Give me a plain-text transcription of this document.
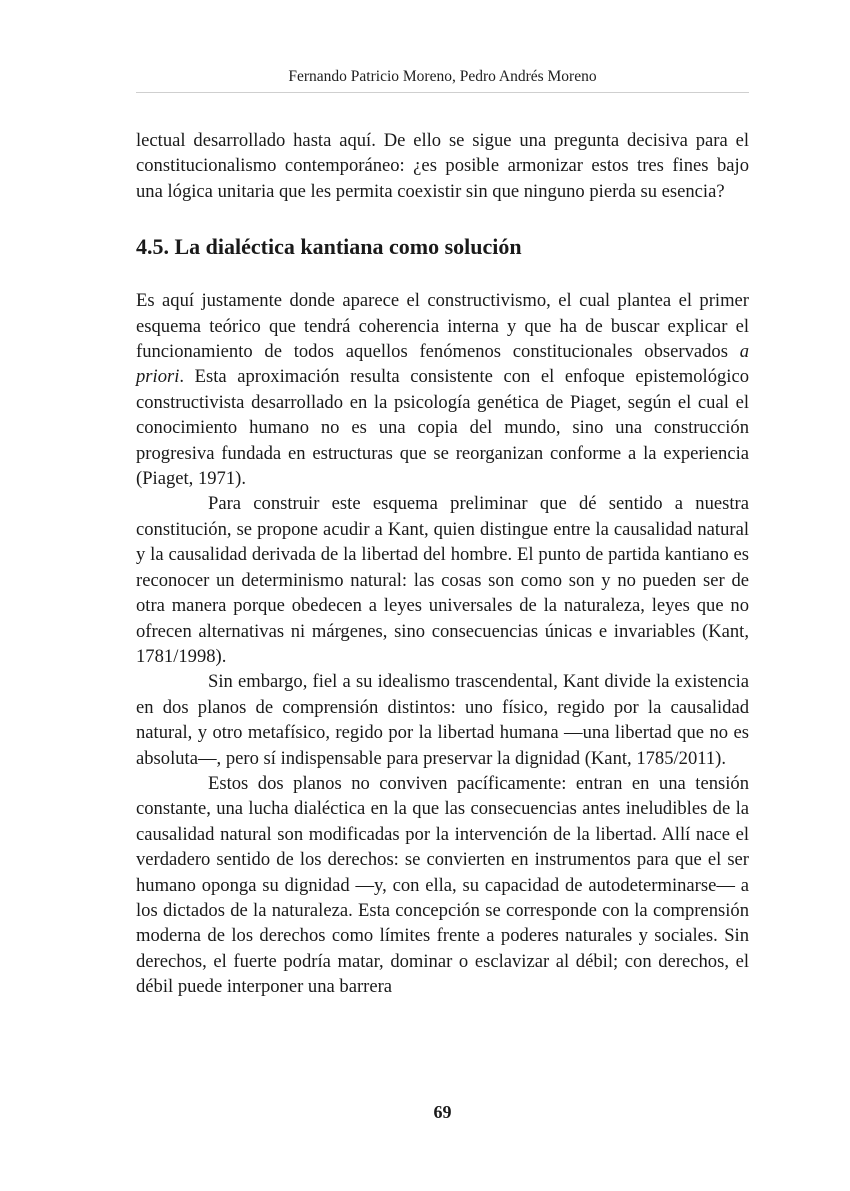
Fernando Patricio Moreno, Pedro Andrés Moreno

lectual desarrollado hasta aquí. De ello se sigue una pregunta decisiva para el constitucionalismo contemporáneo: ¿es posible armonizar estos tres fines bajo una lógica unitaria que les permita coexistir sin que ninguno pierda su esencia?

4.5. La dialéctica kantiana como solución

Es aquí justamente donde aparece el constructivismo, el cual plantea el primer esquema teórico que tendrá coherencia interna y que ha de buscar explicar el funcionamiento de todos aquellos fenómenos constitucionales observados a priori. Esta aproximación resulta consistente con el enfoque epistemológico constructivista desarrollado en la psicología genética de Piaget, según el cual el conocimiento humano no es una copia del mundo, sino una construcción progresiva fundada en estructuras que se reorganizan conforme a la experiencia (Piaget, 1971).

Para construir este esquema preliminar que dé sentido a nuestra constitución, se propone acudir a Kant, quien distingue entre la causalidad natural y la causalidad derivada de la libertad del hombre. El punto de partida kantiano es reconocer un determinismo natural: las cosas son como son y no pueden ser de otra manera porque obedecen a leyes universales de la naturaleza, leyes que no ofrecen alternativas ni márgenes, sino consecuencias únicas e invariables (Kant, 1781/1998).

Sin embargo, fiel a su idealismo trascendental, Kant divide la existencia en dos planos de comprensión distintos: uno físico, regido por la causalidad natural, y otro metafísico, regido por la libertad humana —una libertad que no es absoluta—, pero sí indispensable para preservar la dignidad (Kant, 1785/2011).

Estos dos planos no conviven pacíficamente: entran en una tensión constante, una lucha dialéctica en la que las consecuencias antes ineludibles de la causalidad natural son modificadas por la intervención de la libertad. Allí nace el verdadero sentido de los derechos: se convierten en instrumentos para que el ser humano oponga su dignidad —y, con ella, su capacidad de autodeterminarse— a los dictados de la naturaleza. Esta concepción se corresponde con la comprensión moderna de los derechos como límites frente a poderes naturales y sociales. Sin derechos, el fuerte podría matar, dominar o esclavizar al débil; con derechos, el débil puede interponer una barrera

69
